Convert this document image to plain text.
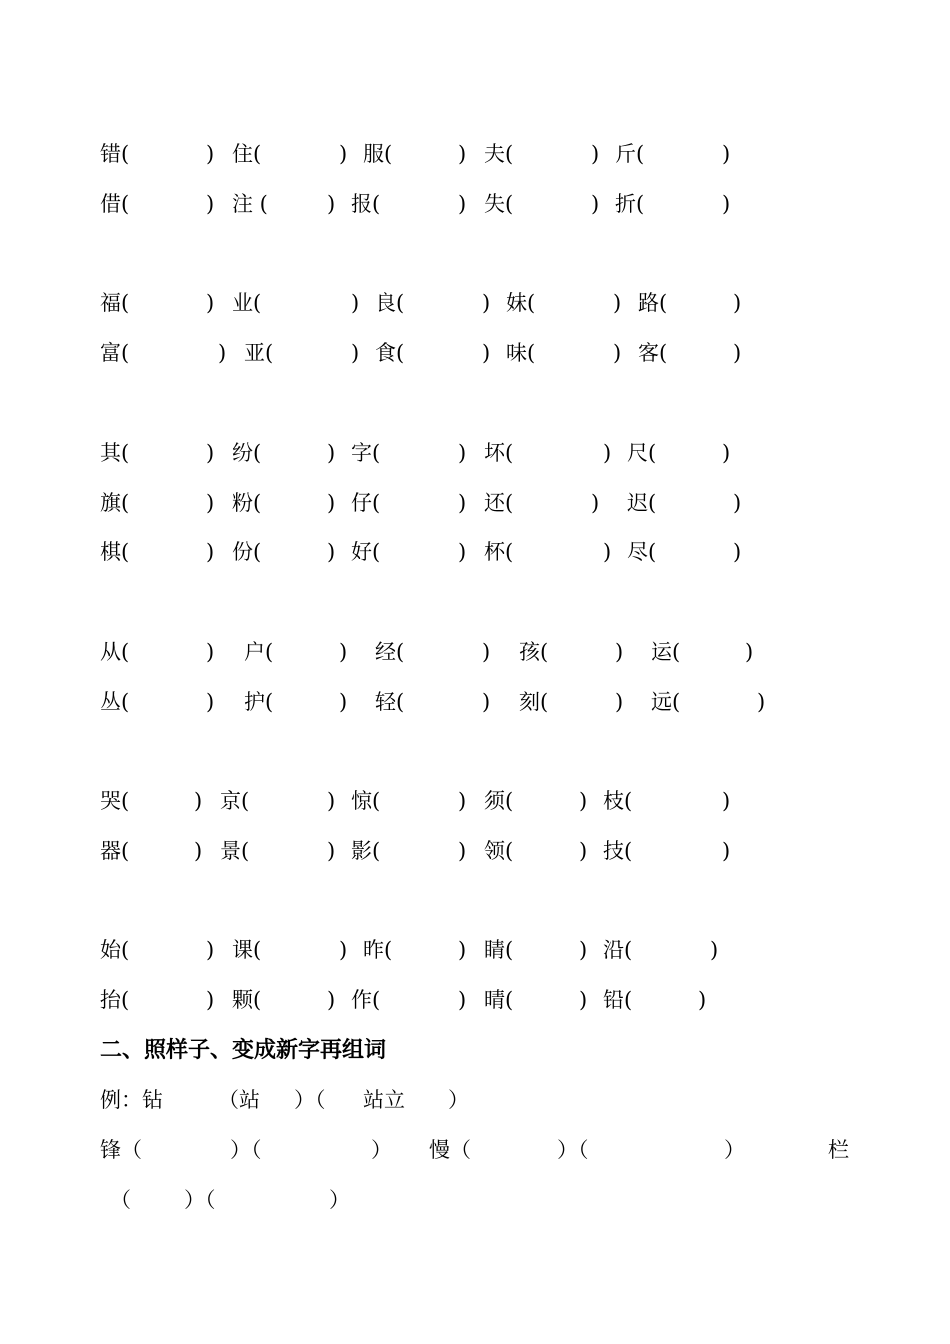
错(	) 住(	) 服(	) 夫(	) 斤(	)
借(	) 注 (	) 报(	) 失(	) 折(	)
福(	) 业(	) 良(	) 妹(	) 路(	)
富(	) 亚(	) 食(	) 味(	) 客(	)
其(	) 纷(	) 字(	) 坏(	) 尺(	)
旗(	) 粉(	) 仔(	) 还(	) 迟(	)
棋(	) 份(	) 好(	) 杯(	) 尽(	)
从(	) 户(	) 经(	) 孩(	) 运(	)
丛(	) 护(	) 轻(	) 刻(	) 远(	)
哭(	) 京(	) 惊(	) 须(	) 枝(	)
器(	) 景(	) 影(	) 领(	) 技(	)
始(	) 课(	) 昨(	) 睛(	) 沿(	)
抬(	) 颗(	) 作(	) 晴(	) 铅(	)
二、照样子、变成新字再组词
例：钻	（站 ）（ 站立 ）
锋（	）（	） 慢（	）（	）	栏
（	）（	）
